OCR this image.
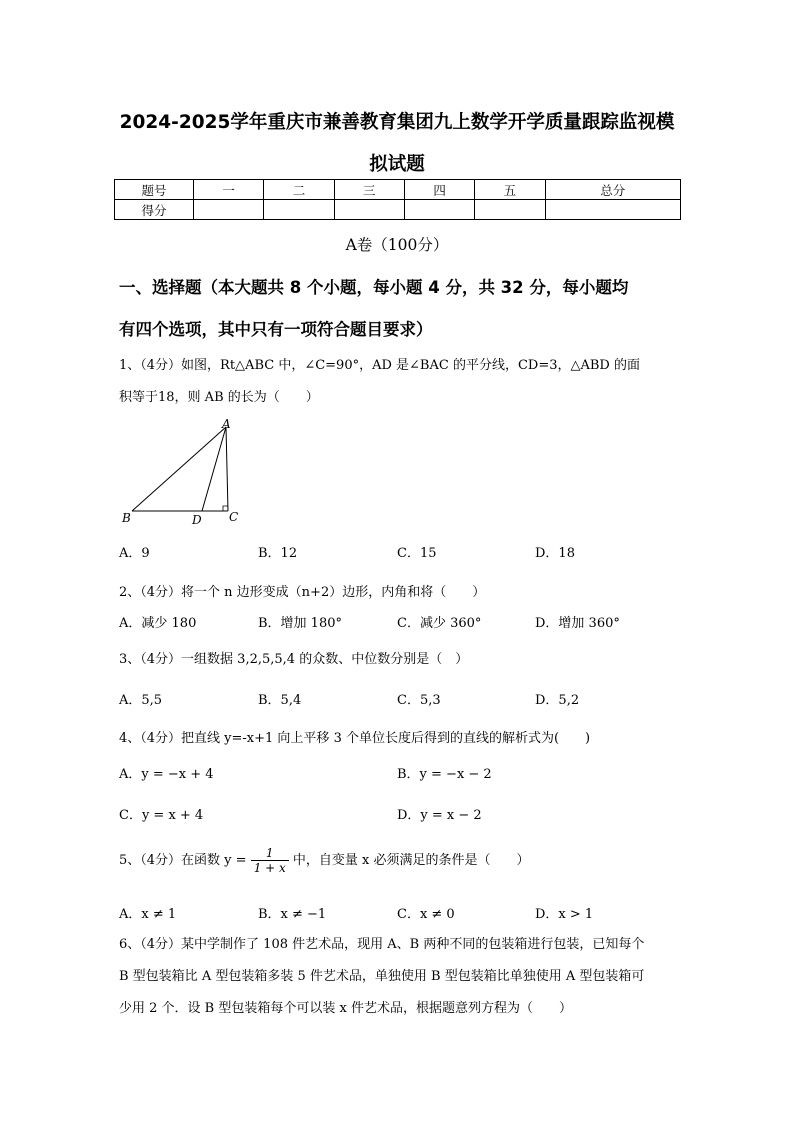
2024-2025学年重庆市兼善教育集团九上数学开学质量跟踪监视模
拟试题
题号	一	二	三	四	五	总分
得分						
A卷（100分）
一、选择题（本大题共 8 个小题，每小题 4 分，共 32 分，每小题均
有四个选项，其中只有一项符合题目要求）
1、（4分）如图，Rt△ABC 中，∠C=90°，AD 是∠BAC 的平分线，CD=3，△ABD 的面
积等于18，则 AB 的长为（　　）
A
B	D C
A．9	B．12	C．15	D．18
2、（4分）将一个 n 边形变成（n+2）边形，内角和将（　　）
A．减少 180	B．增加 180°	C．减少 360°	D．增加 360°
3、（4分）一组数据 3,2,5,5,4 的众数、中位数分别是（　）
A．5,5	B．5,4	C．5,3	D．5,2
4、（4分）把直线 y=-x+1 向上平移 3 个单位长度后得到的直线的解析式为(　　)
A．y = −x + 4	B．y = −x − 2
C．y = x + 4	D．y = x − 2
5、（4分）在函数 $y = \frac{1}{1 + x}$ 中，自变量 x 必须满足的条件是（　　）
A．x ≠ 1	B．x ≠ −1	C．x ≠ 0	D．x > 1
6、（4分）某中学制作了 108 件艺术品，现用 A、B 两种不同的包装箱进行包装，已知每个
B 型包装箱比 A 型包装箱多装 5 件艺术品，单独使用 B 型包装箱比单独使用 A 型包装箱可
少用 2 个．设 B 型包装箱每个可以装 x 件艺术品，根据题意列方程为（　　）
